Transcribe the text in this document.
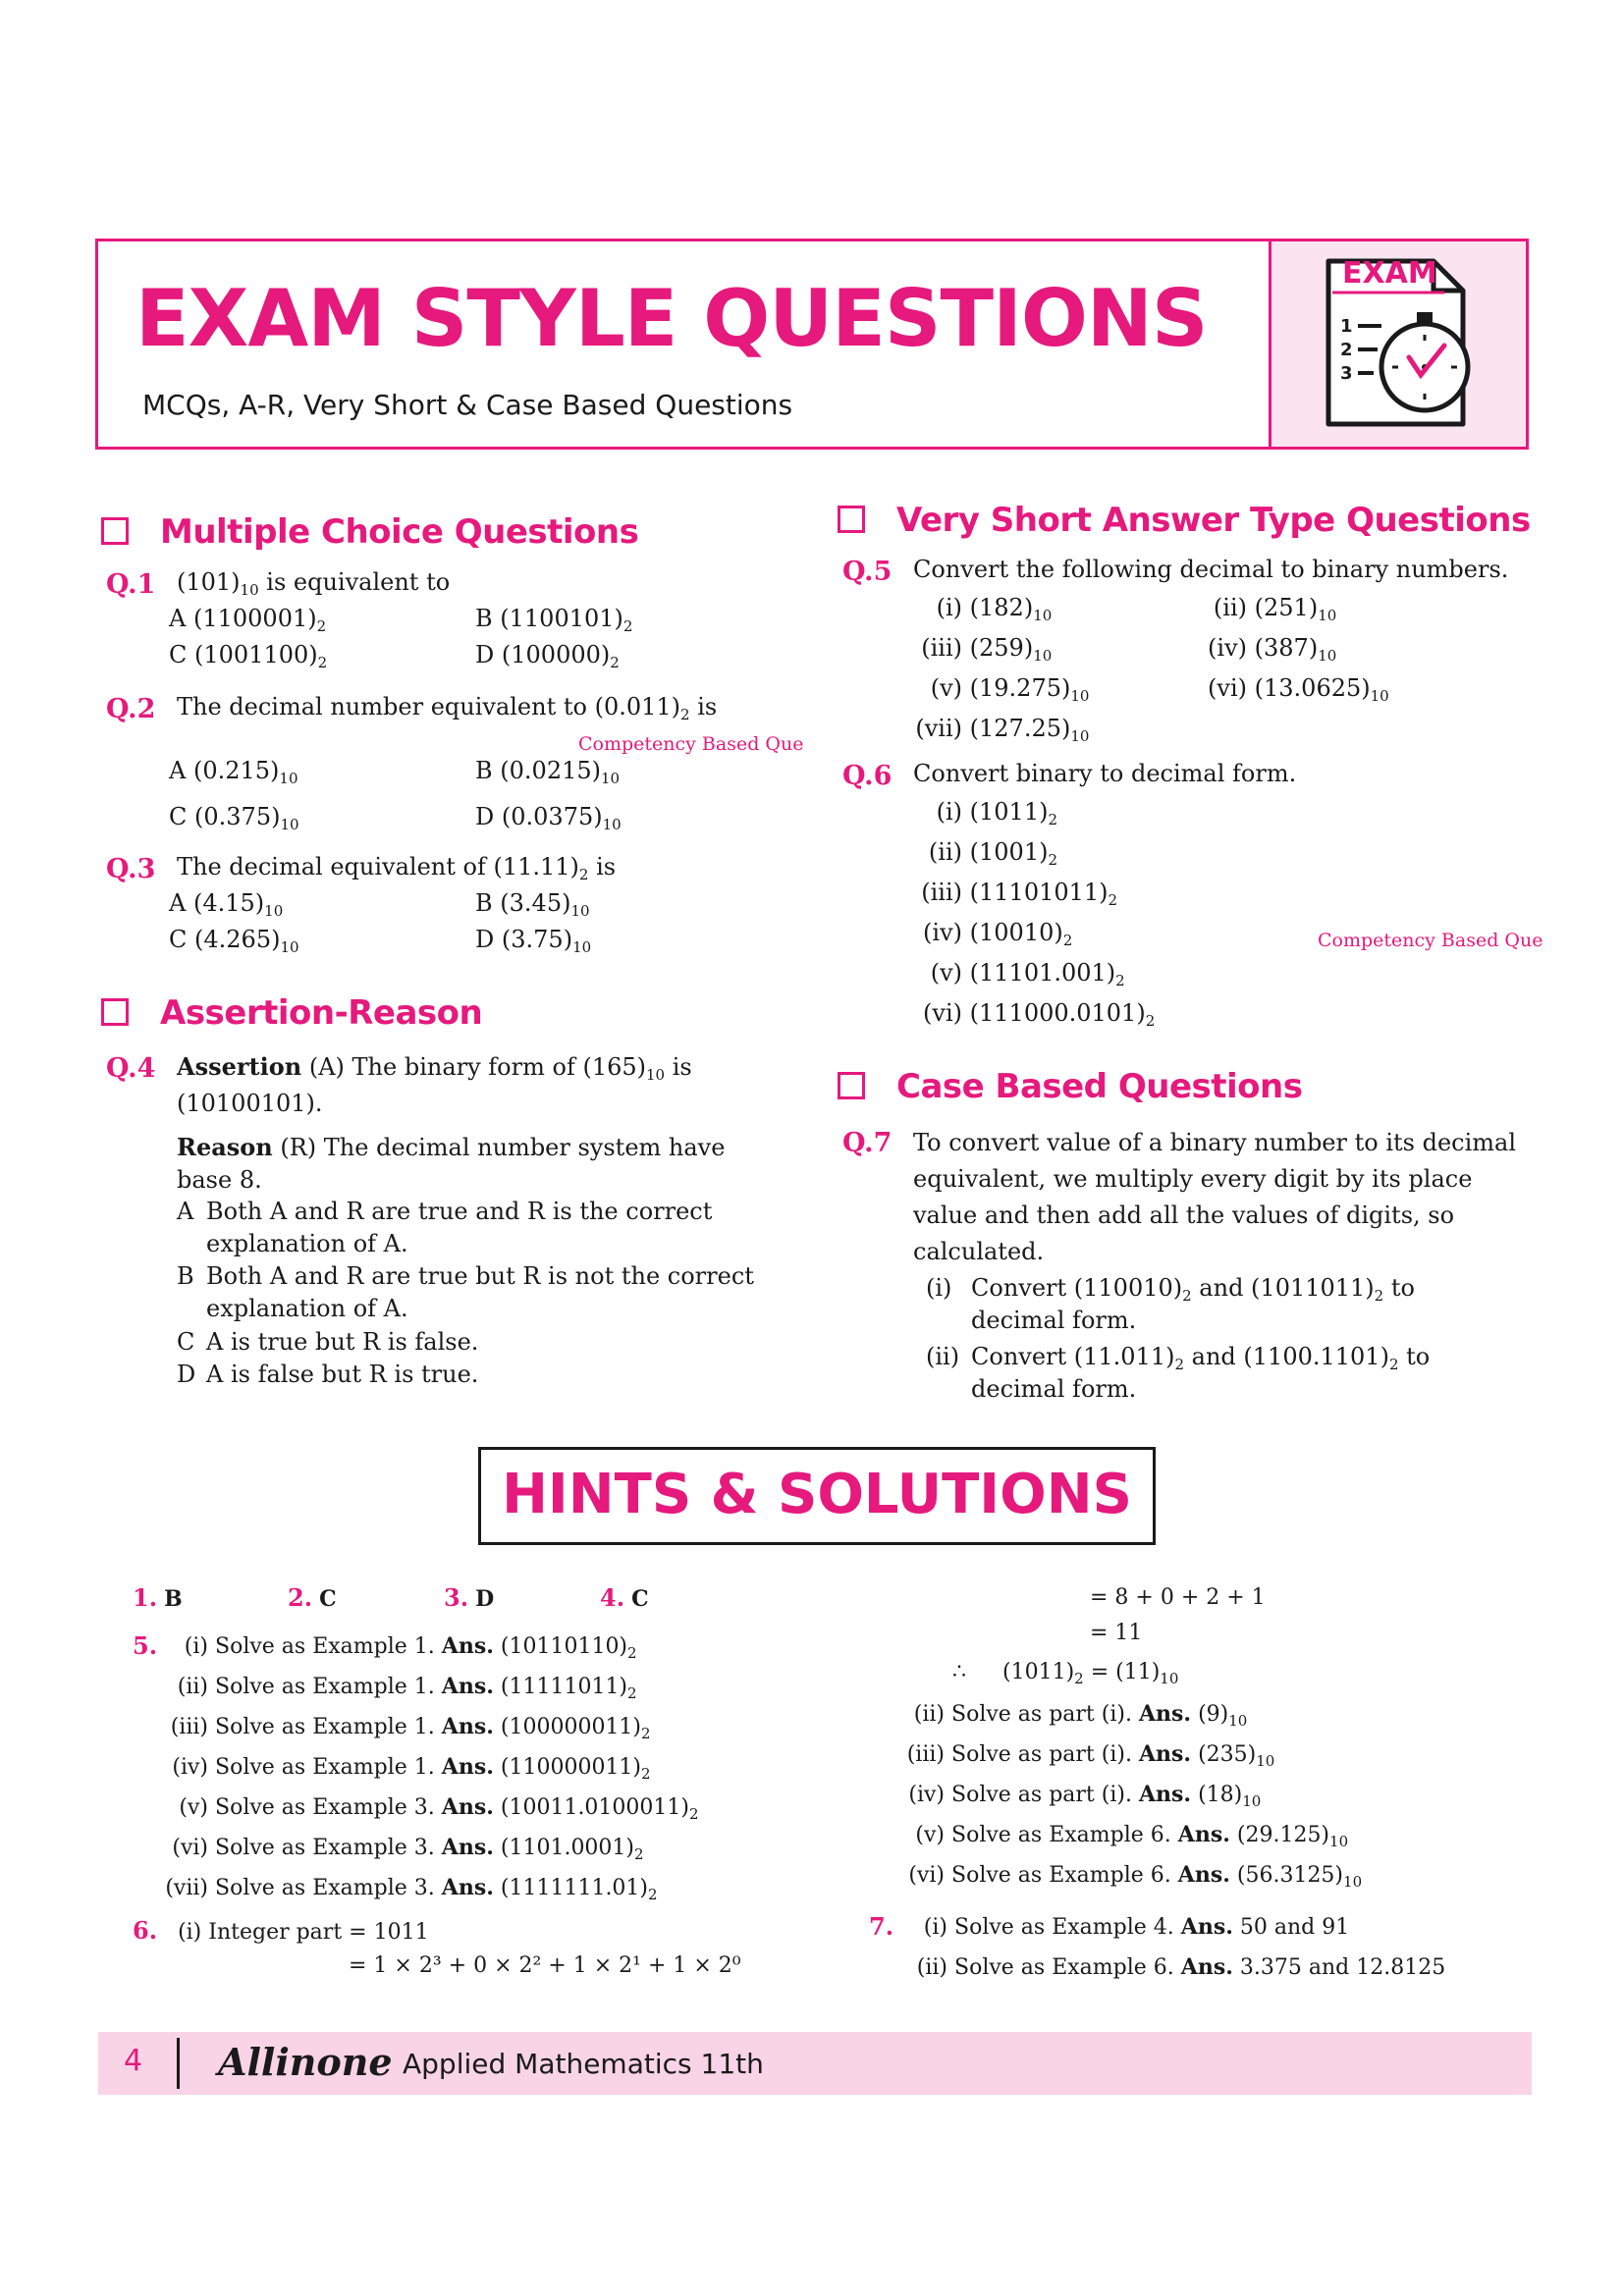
EXAM
1
2
3
EXAM STYLE QUESTIONS
MCQs, A-R, Very Short & Case Based Questions
Multiple Choice Questions
Q.1 $(101)_{10}$ is equivalent to
A $(1100001)_2$	B $(1100101)_2$
C $(1001100)_2$	D $(100000)_2$
Q.2 The decimal number equivalent to $(0.011)_2$ is
Competency Based Que
A $(0.215)_{10}$	B $(0.0215)_{10}$
C $(0.375)_{10}$	D $(0.0375)_{10}$
Q.3 The decimal equivalent of $(11.11)_2$ is
A $(4.15)_{10}$	B $(3.45)_{10}$
C $(4.265)_{10}$	D $(3.75)_{10}$
Assertion-Reason
Q.4 Assertion (A) The binary form of $(165)_{10}$ is (10100101).
Reason (R) The decimal number system have base 8.
A Both A and R are true and R is the correct explanation of A.
B Both A and R are true but R is not the correct explanation of A.
C A is true but R is false.
D A is false but R is true.
Very Short Answer Type Questions
Q.5 Convert the following decimal to binary numbers.
(i) $(182)_{10}$	(ii) $(251)_{10}$
(iii) $(259)_{10}$	(iv) $(387)_{10}$
(v) $(19.275)_{10}$	(vi) $(13.0625)_{10}$
(vii) $(127.25)_{10}$
Q.6 Convert binary to decimal form.
(i) $(1011)_2$
(ii) $(1001)_2$
(iii) $(11101011)_2$
(iv) $(10010)_2$
(v) $(11101.001)_2$
(vi) $(111000.0101)_2$
Competency Based Que
Case Based Questions
Q.7 To convert value of a binary number to its decimal equivalent, we multiply every digit by its place value and then add all the values of digits, so calculated.
(i) Convert $(110010)_2$ and $(1011011)_2$ to decimal form.
(ii) Convert $(11.011)_2$ and $(1100.1101)_2$ to decimal form.
HINTS & SOLUTIONS
1. B	2. C	3. D	4. C
5.	(i) Solve as Example 1. Ans. $(10110110)_2$
(ii) Solve as Example 1. Ans. $(11111011)_2$
(iii) Solve as Example 1. Ans. $(100000011)_2$
(iv) Solve as Example 1. Ans. $(110000011)_2$
(v) Solve as Example 3. Ans. $(10011.0100011)_2$
(vi) Solve as Example 3. Ans. $(1101.0001)_2$
(vii) Solve as Example 3. Ans. $(1111111.01)_2$
6. (i) Integer part = 1011
= 1 × 2³ + 0 × 2² + 1 × 2¹ + 1 × 2⁰
= 8 + 0 + 2 + 1
= 11
∴ $(1011)_2 = (11)_{10}$
(ii) Solve as part (i). Ans. $(9)_{10}$
(iii) Solve as part (i). Ans. $(235)_{10}$
(iv) Solve as part (i). Ans. $(18)_{10}$
(v) Solve as Example 6. Ans. $(29.125)_{10}$
(vi) Solve as Example 6. Ans. $(56.3125)_{10}$
7.	(i) Solve as Example 4. Ans. 50 and 91
(ii) Solve as Example 6. Ans. 3.375 and 12.8125
4 Allinone Applied Mathematics 11th
